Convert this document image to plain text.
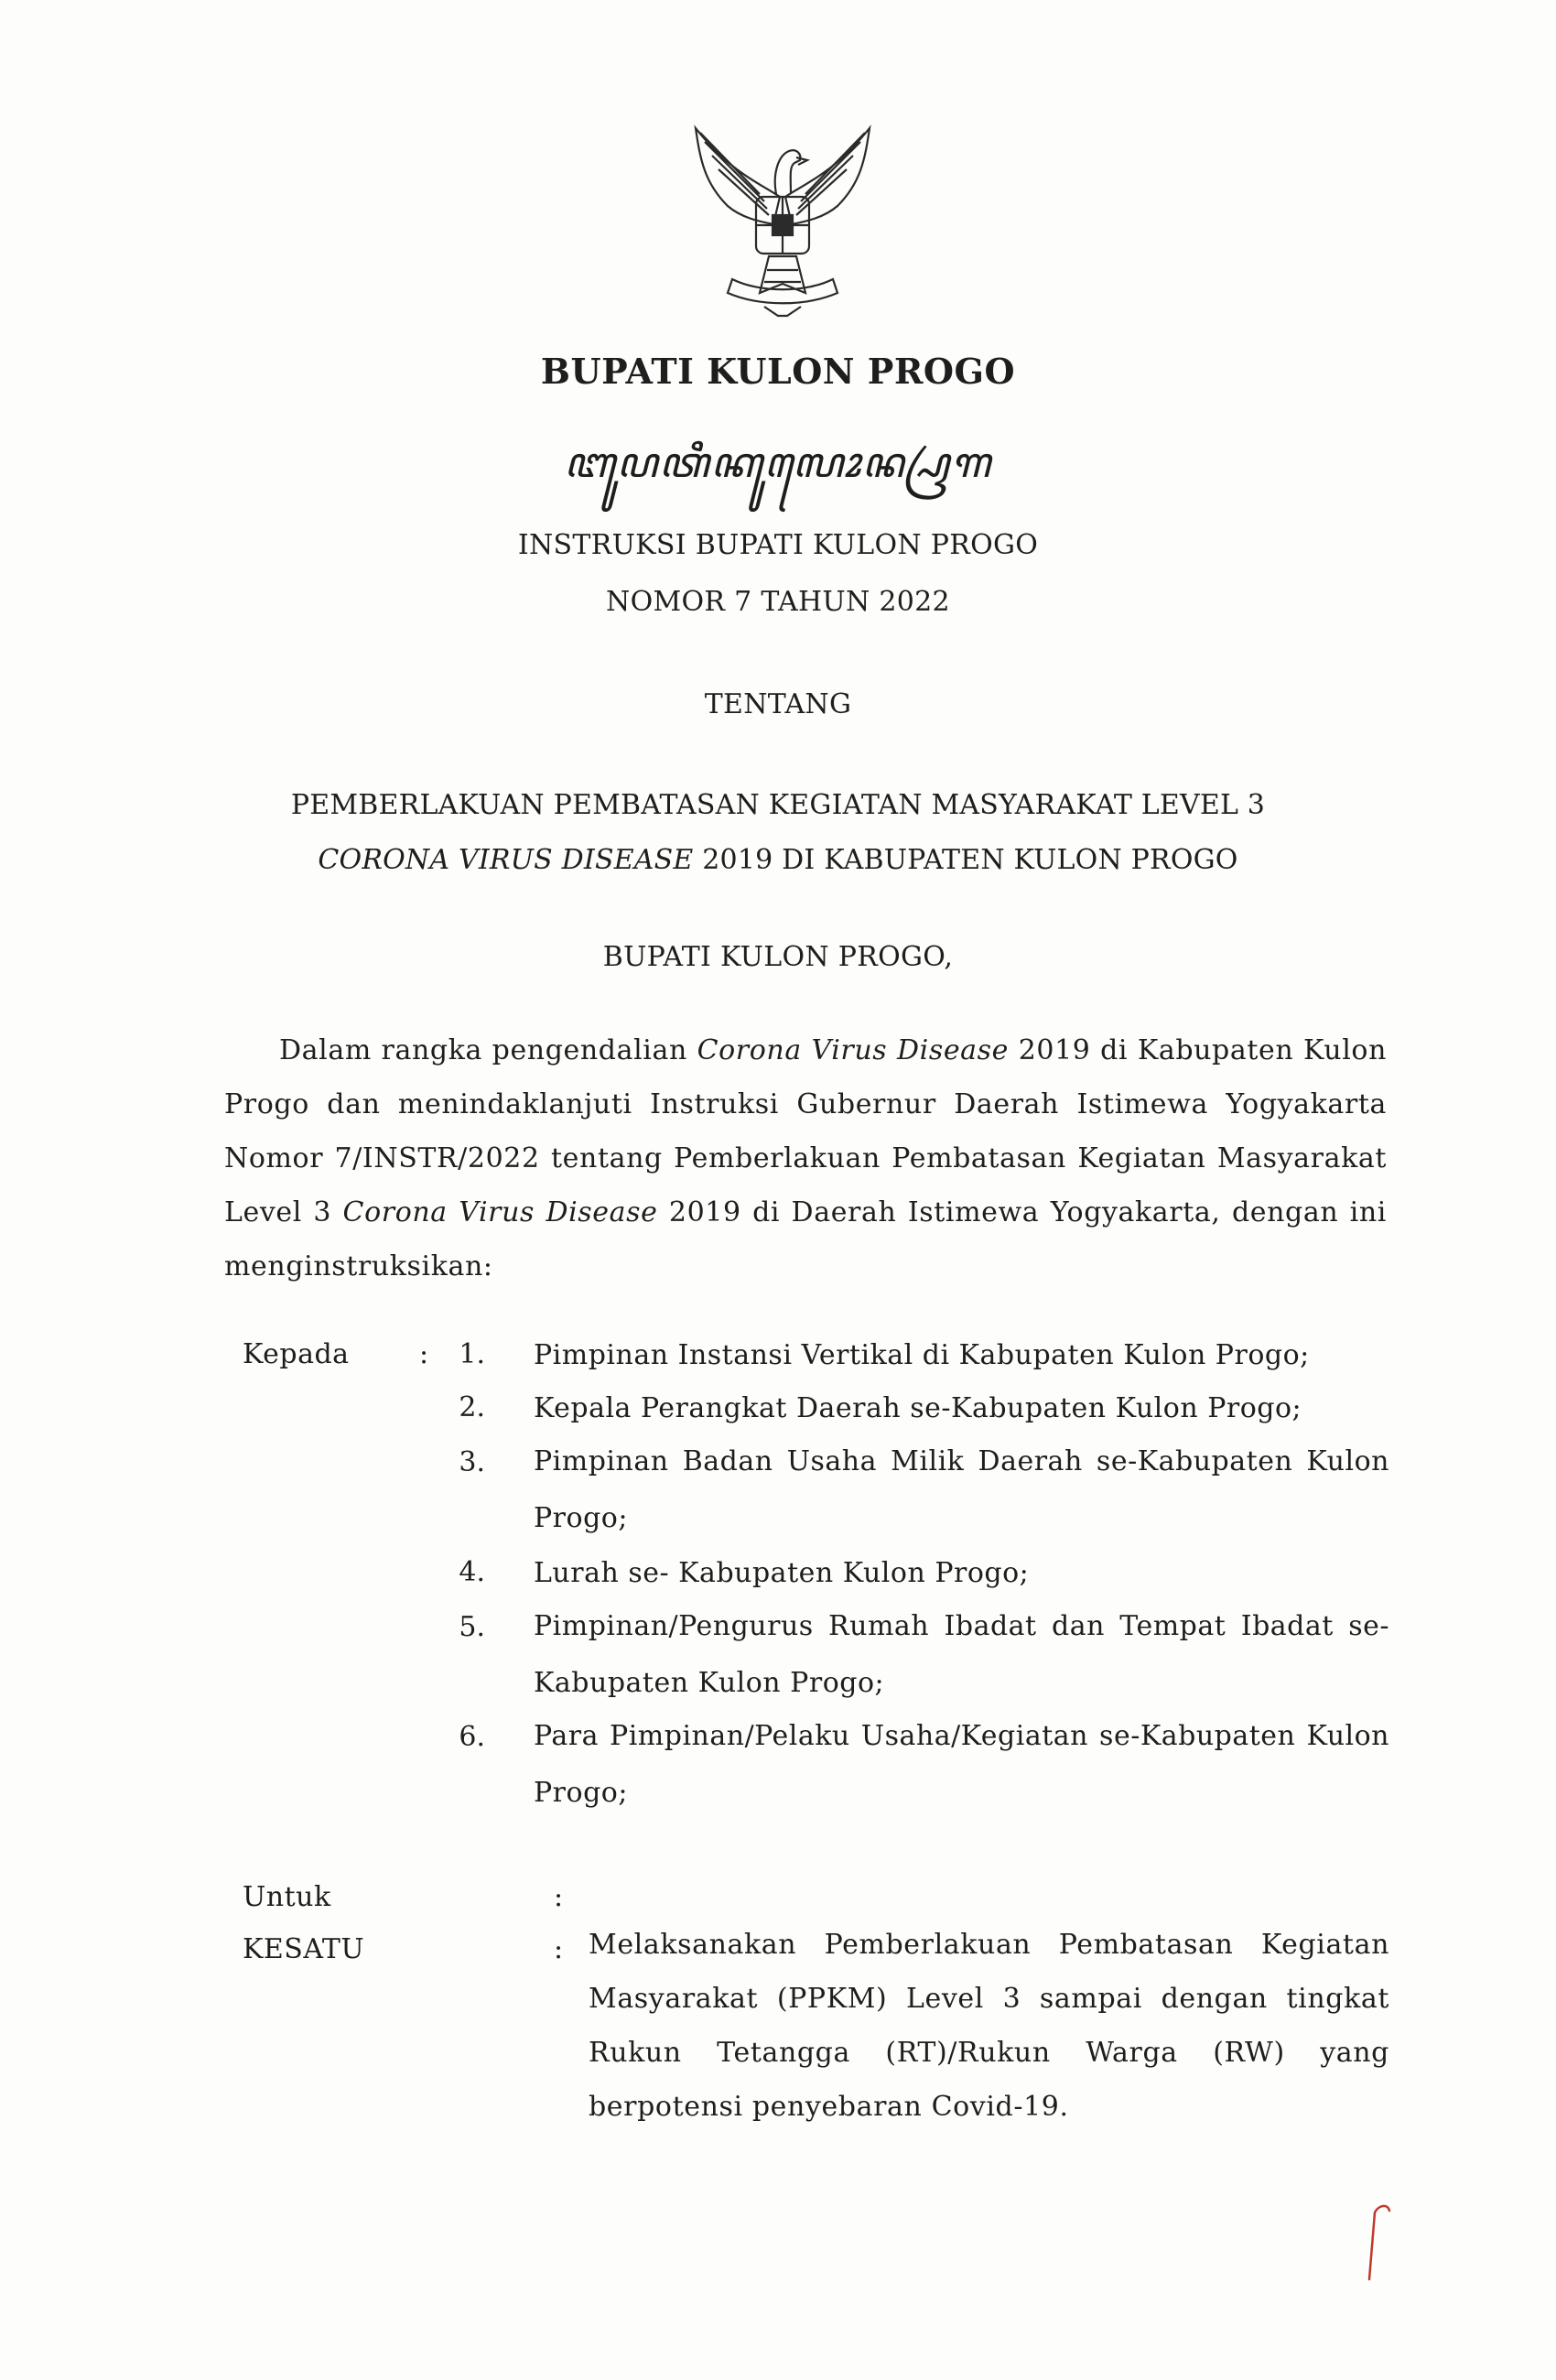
BUPATI KULON PROGO
ꦧꦸꦥꦠꦶꦏꦸꦭꦺꦴꦤ꧀ꦥꦿꦒ
INSTRUKSI BUPATI KULON PROGO
NOMOR 7 TAHUN 2022
TENTANG
PEMBERLAKUAN PEMBATASAN KEGIATAN MASYARAKAT LEVEL 3
CORONA VIRUS DISEASE 2019 DI KABUPATEN KULON PROGO
BUPATI KULON PROGO,
Dalam rangka pengendalian Corona Virus Disease 2019 di Kabupaten Kulon Progo dan menindaklanjuti Instruksi Gubernur Daerah Istimewa Yogyakarta Nomor 7/INSTR/2022 tentang Pemberlakuan Pembatasan Kegiatan Masyarakat Level 3 Corona Virus Disease 2019 di Daerah Istimewa Yogyakarta, dengan ini menginstruksikan:
Kepada	:	1. Pimpinan Instansi Vertikal di Kabupaten Kulon Progo;
2. Kepala Perangkat Daerah se-Kabupaten Kulon Progo;
3. Pimpinan Badan Usaha Milik Daerah se-Kabupaten Kulon Progo;
4. Lurah se- Kabupaten Kulon Progo;
5. Pimpinan/Pengurus Rumah Ibadat dan Tempat Ibadat se-Kabupaten Kulon Progo;
6. Para Pimpinan/Pelaku Usaha/Kegiatan se-Kabupaten Kulon Progo;
Untuk	:
KESATU	: Melaksanakan Pemberlakuan Pembatasan Kegiatan Masyarakat (PPKM) Level 3 sampai dengan tingkat Rukun Tetangga (RT)/Rukun Warga (RW) yang berpotensi penyebaran Covid-19.
